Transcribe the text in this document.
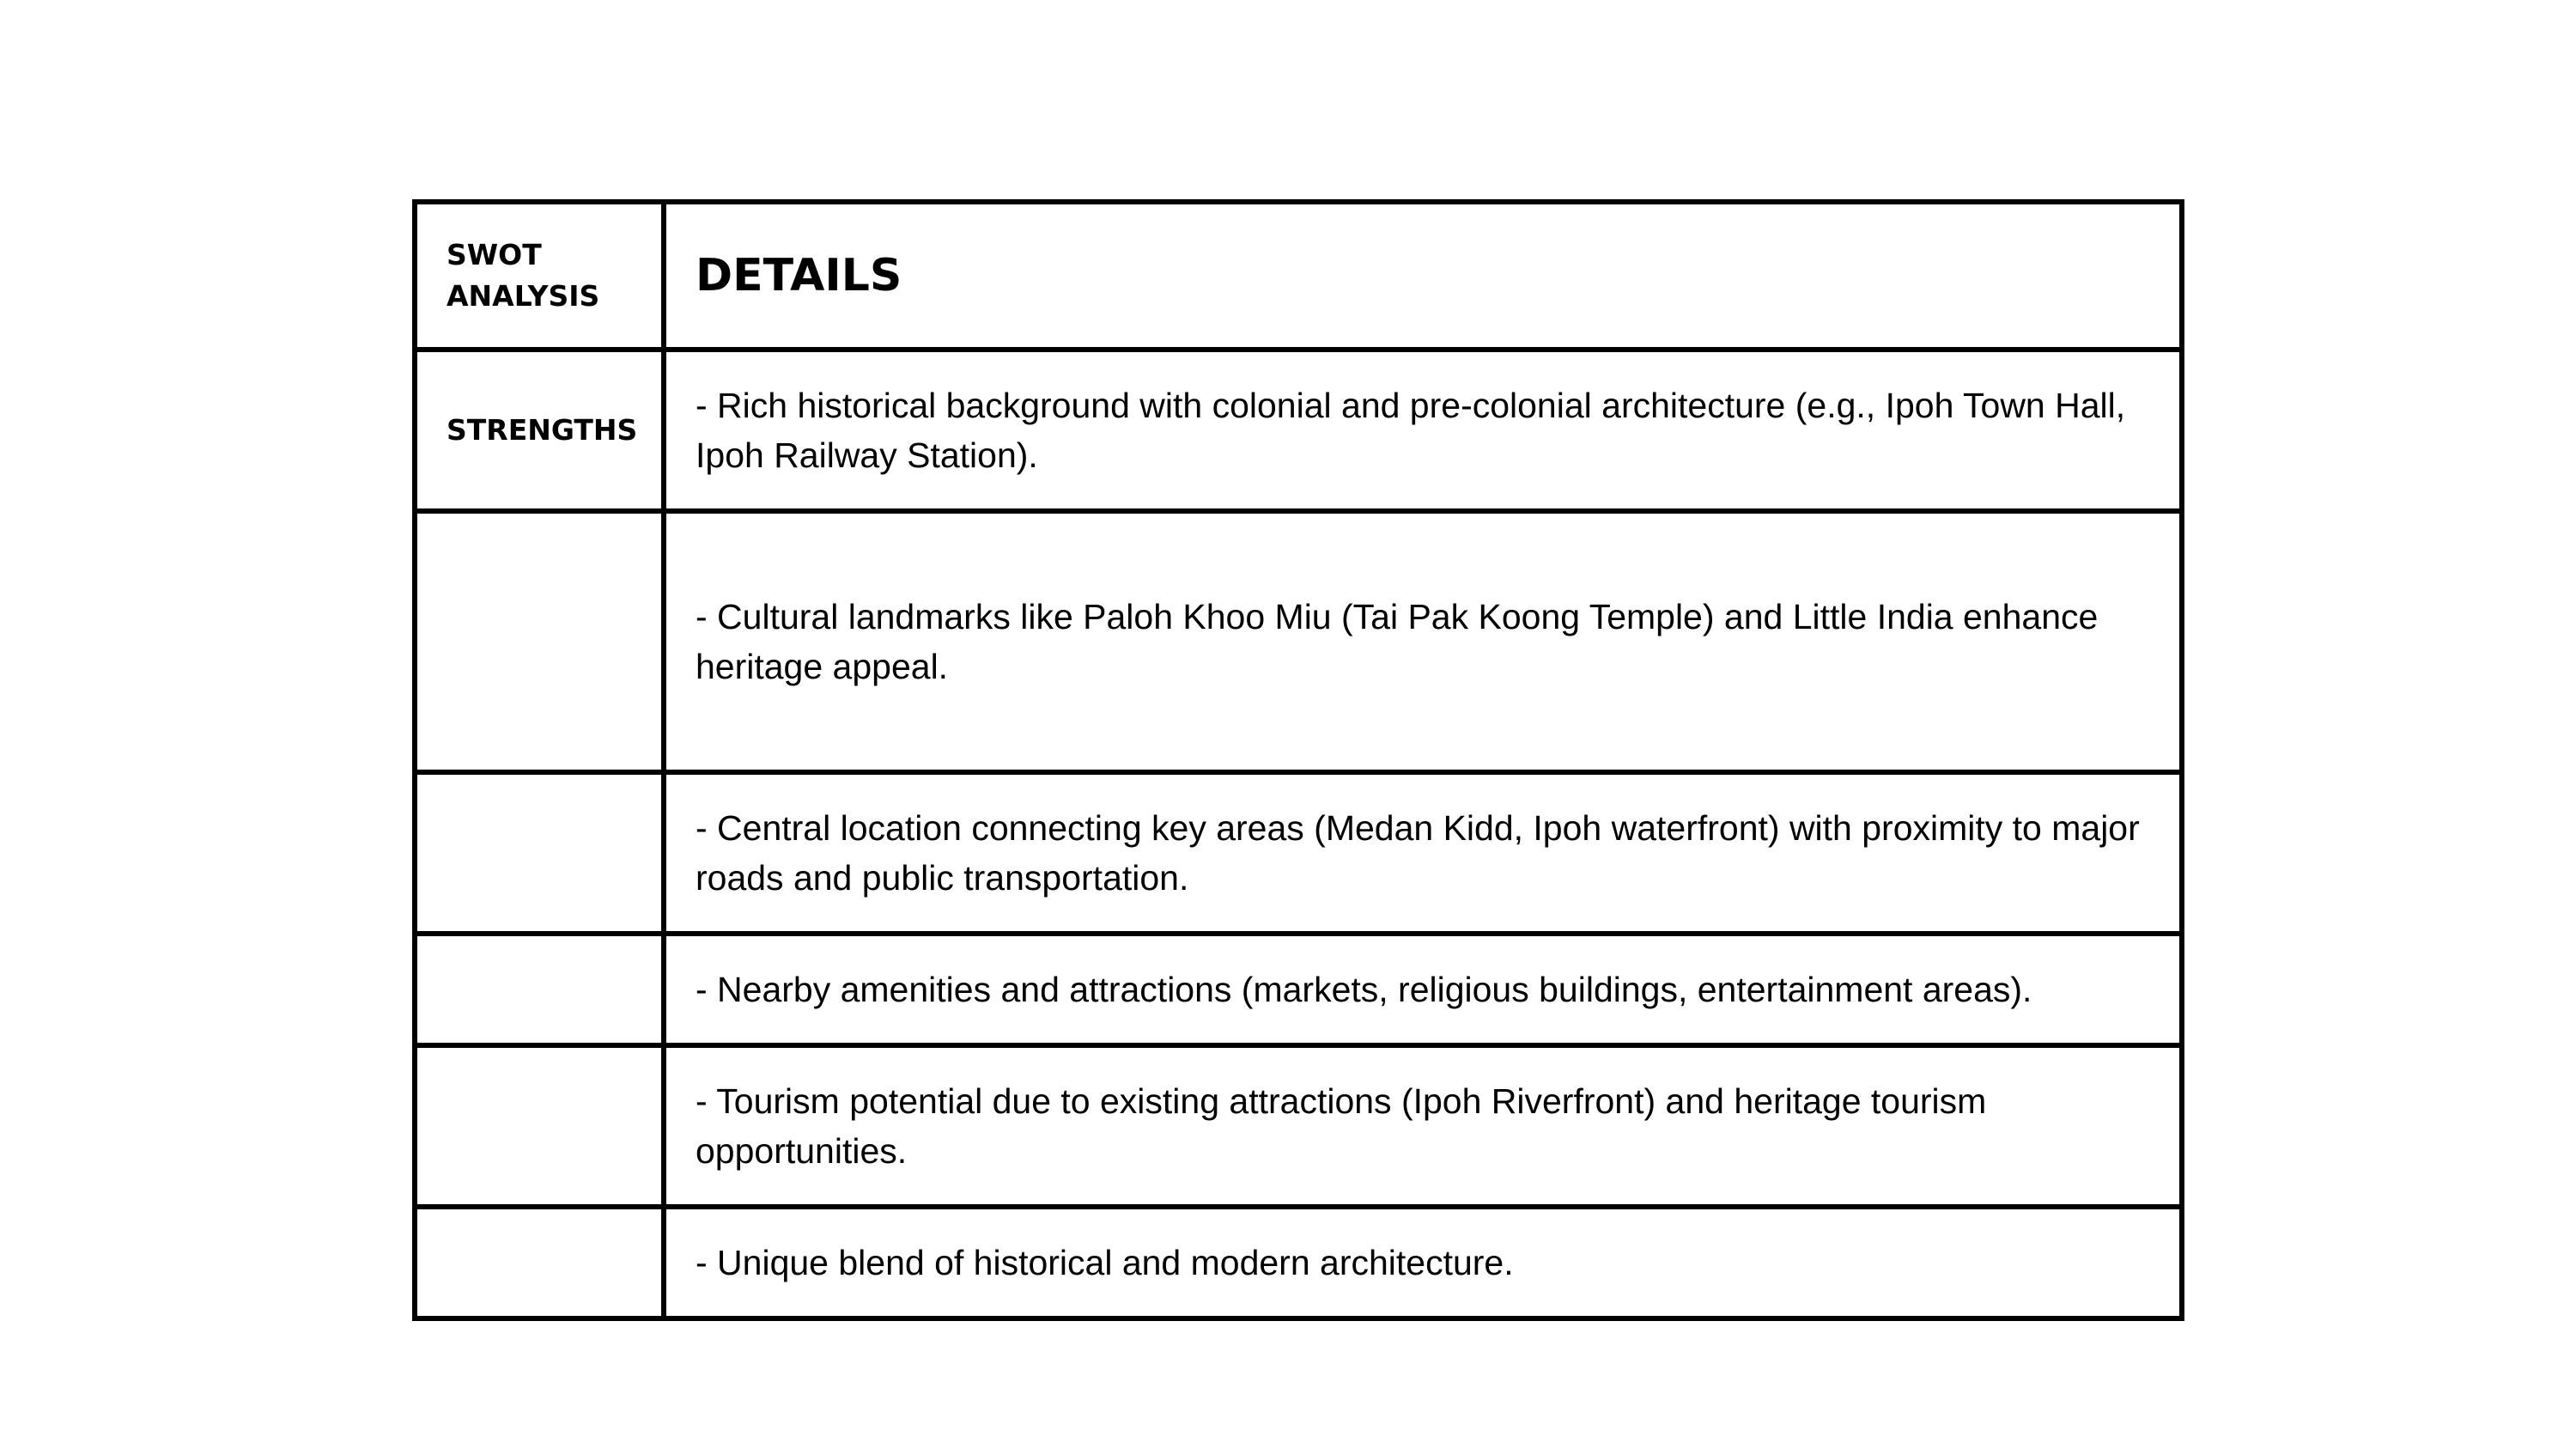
SWOT ANALYSIS	DETAILS
STRENGTHS	- Rich historical background with colonial and pre-colonial architecture (e.g., Ipoh Town Hall, Ipoh Railway Station).
	- Cultural landmarks like Paloh Khoo Miu (Tai Pak Koong Temple) and Little India enhance heritage appeal.
	- Central location connecting key areas (Medan Kidd, Ipoh waterfront) with proximity to major roads and public transportation.
	- Nearby amenities and attractions (markets, religious buildings, entertainment areas).
	- Tourism potential due to existing attractions (Ipoh Riverfront) and heritage tourism opportunities.
	- Unique blend of historical and modern architecture.
